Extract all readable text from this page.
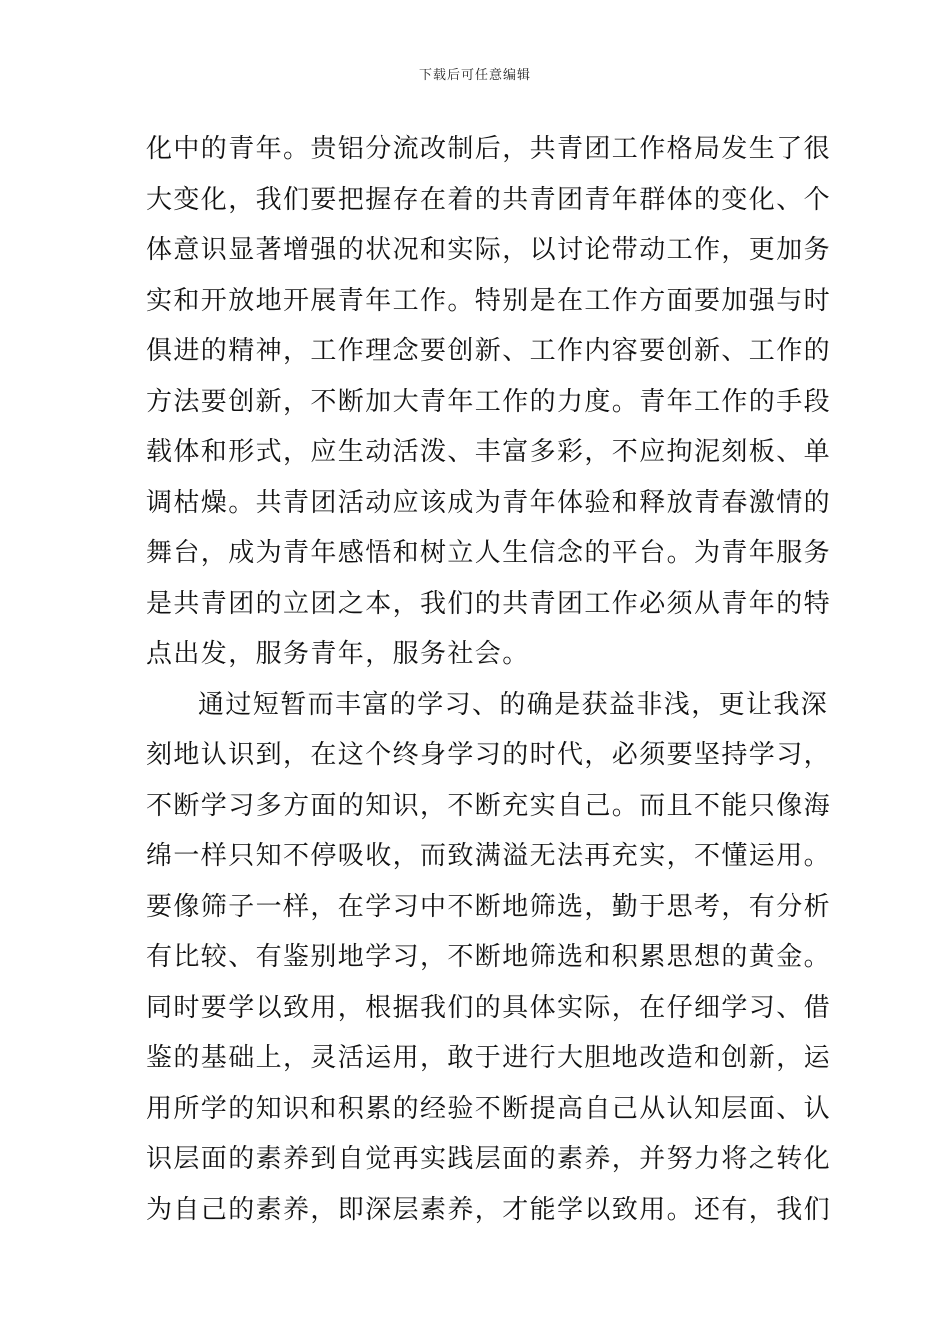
下载后可任意编辑
化中的青年。贵铝分流改制后，共青团工作格局发生了很
大变化，我们要把握存在着的共青团青年群体的变化、个
体意识显著增强的状况和实际，以讨论带动工作，更加务
实和开放地开展青年工作。特别是在工作方面要加强与时
俱进的精神，工作理念要创新、工作内容要创新、工作的
方法要创新，不断加大青年工作的力度。青年工作的手段
载体和形式，应生动活泼、丰富多彩，不应拘泥刻板、单
调枯燥。共青团活动应该成为青年体验和释放青春激情的
舞台，成为青年感悟和树立人生信念的平台。为青年服务
是共青团的立团之本，我们的共青团工作必须从青年的特
点出发，服务青年，服务社会。
通过短暂而丰富的学习、的确是获益非浅，更让我深
刻地认识到，在这个终身学习的时代，必须要坚持学习，
不断学习多方面的知识，不断充实自己。而且不能只像海
绵一样只知不停吸收，而致满溢无法再充实，不懂运用。
要像筛子一样，在学习中不断地筛选，勤于思考，有分析
有比较、有鉴别地学习，不断地筛选和积累思想的黄金。
同时要学以致用，根据我们的具体实际，在仔细学习、借
鉴的基础上，灵活运用，敢于进行大胆地改造和创新，运
用所学的知识和积累的经验不断提高自己从认知层面、认
识层面的素养到自觉再实践层面的素养，并努力将之转化
为自己的素养，即深层素养，才能学以致用。还有，我们
